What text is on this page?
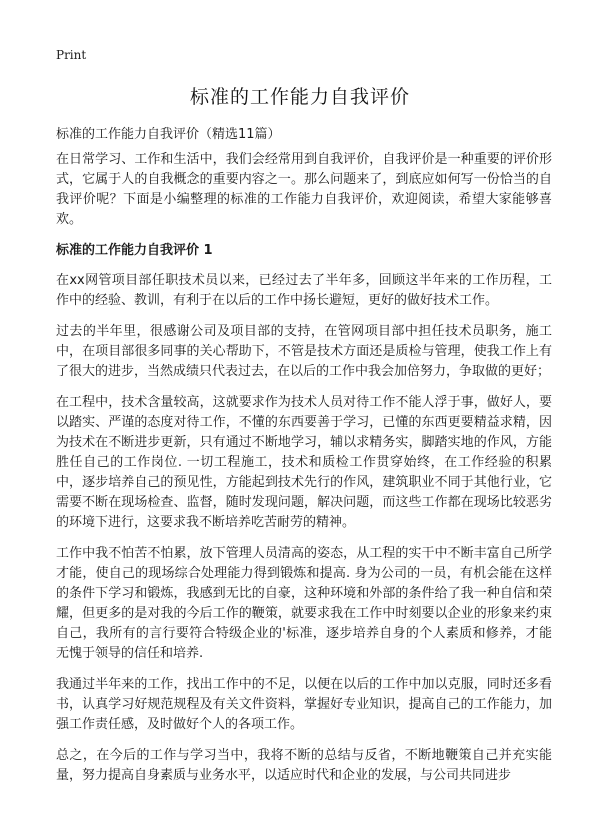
Print
标准的工作能力自我评价
标准的工作能力自我评价（精选11篇）

在日常学习、工作和生活中，我们会经常用到自我评价，自我评价是一种重要的评价形式，它属于人的自我概念的重要内容之一。那么问题来了，到底应如何写一份恰当的自我评价呢？下面是小编整理的标准的工作能力自我评价，欢迎阅读，希望大家能够喜欢。

标准的工作能力自我评价 1

在xx网管项目部任职技术员以来，已经过去了半年多，回顾这半年来的工作历程，工作中的经验、教训，有利于在以后的工作中扬长避短，更好的做好技术工作。

过去的半年里，很感谢公司及项目部的支持，在管网项目部中担任技术员职务，施工中，在项目部很多同事的关心帮助下，不管是技术方面还是质检与管理，使我工作上有了很大的进步，当然成绩只代表过去，在以后的工作中我会加倍努力，争取做的更好；

在工程中，技术含量较高，这就要求作为技术人员对待工作不能人浮于事，做好人，要以踏实、严谨的态度对待工作，不懂的东西要善于学习，已懂的东西更要精益求精，因为技术在不断进步更新，只有通过不断地学习，辅以求精务实，脚踏实地的作风，方能胜任自己的工作岗位. 一切工程施工，技术和质检工作贯穿始终，在工作经验的积累中，逐步培养自己的预见性，方能起到技术先行的作风，建筑职业不同于其他行业，它需要不断在现场检查、监督，随时发现问题，解决问题，而这些工作都在现场比较恶劣的环境下进行，这要求我不断培养吃苦耐劳的精神。

工作中我不怕苦不怕累，放下管理人员清高的姿态，从工程的实干中不断丰富自己所学才能，使自己的现场综合处理能力得到锻炼和提高. 身为公司的一员，有机会能在这样的条件下学习和锻炼，我感到无比的自豪，这种环境和外部的条件给了我一种自信和荣耀，但更多的是对我的今后工作的鞭策，就要求我在工作中时刻要以企业的形象来约束自己，我所有的言行要符合特级企业的'标准，逐步培养自身的个人素质和修养，才能无愧于领导的信任和培养.

我通过半年来的工作，找出工作中的不足，以便在以后的工作中加以克服，同时还多看书，认真学习好规范规程及有关文件资料，掌握好专业知识，提高自己的工作能力，加强工作责任感，及时做好个人的各项工作。

总之，在今后的工作与学习当中，我将不断的总结与反省，不断地鞭策自己并充实能量，努力提高自身素质与业务水平，以适应时代和企业的发展，与公司共同进步
